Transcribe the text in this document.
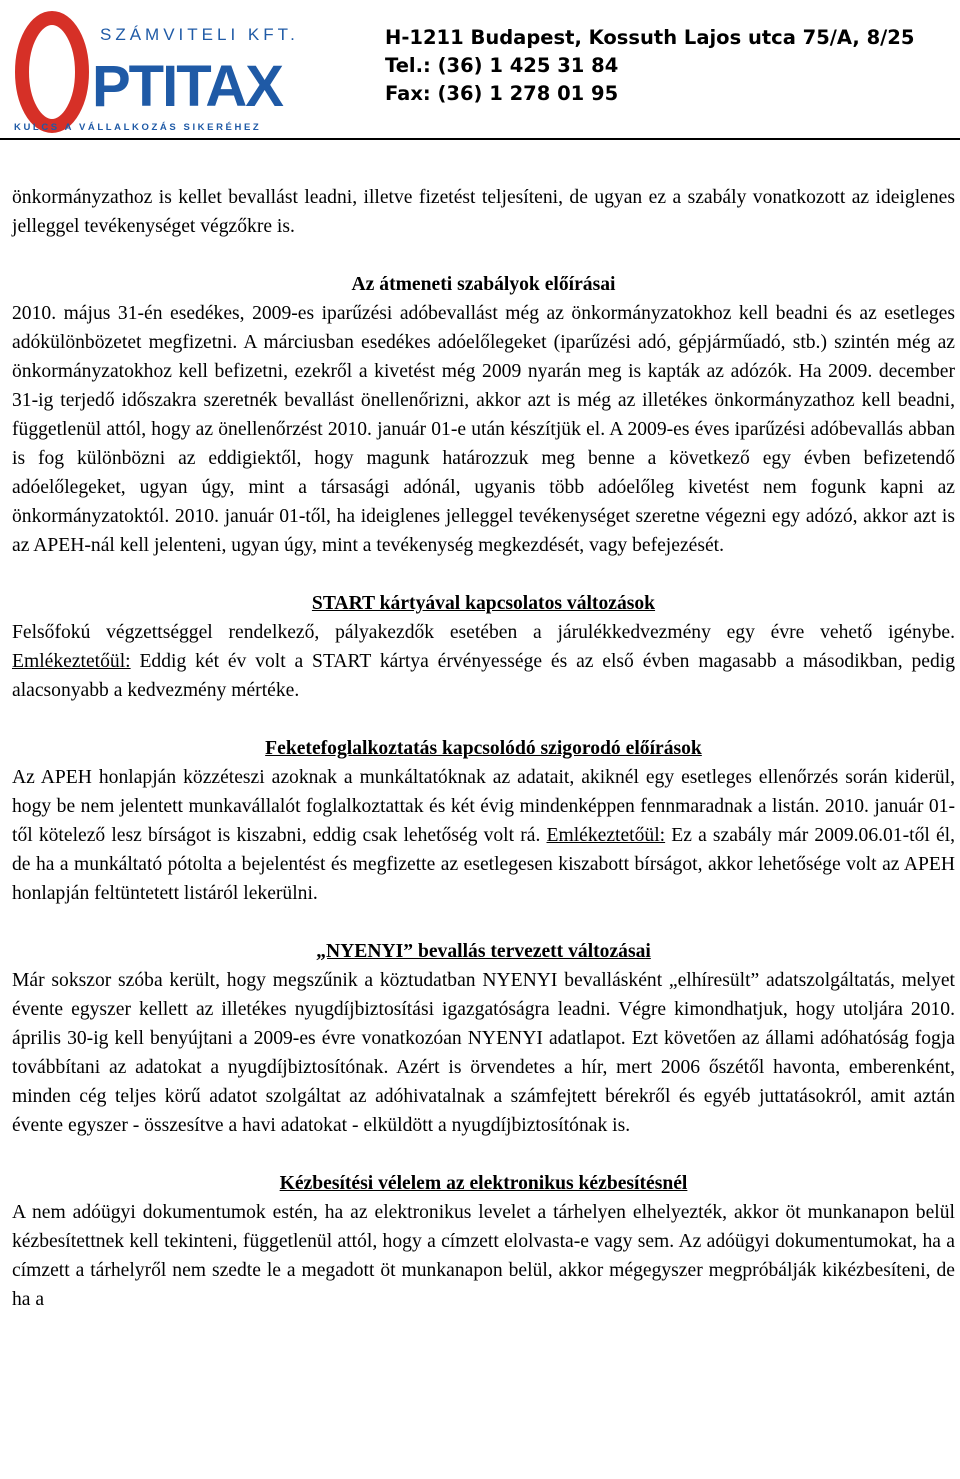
SZÁMVITELI KFT.
PTITAX
KULCS A VÁLLALKOZÁS SIKERÉHEZ
H-1211 Budapest, Kossuth Lajos utca 75/A, 8/25
Tel.: (36) 1 425 31 84
Fax: (36) 1 278 01 95

önkormányzathoz is kellet bevallást leadni, illetve fizetést teljesíteni, de ugyan ez a szabály vonatkozott az ideiglenes jelleggel tevékenységet végzőkre is.

Az átmeneti szabályok előírásai

2010. május 31-én esedékes, 2009-es iparűzési adóbevallást még az önkormányzatokhoz kell beadni és az esetleges adókülönbözetet megfizetni. A márciusban esedékes adóelőlegeket (iparűzési adó, gépjárműadó, stb.) szintén még az önkormányzatokhoz kell befizetni, ezekről a kivetést még 2009 nyarán meg is kapták az adózók. Ha 2009. december 31-ig terjedő időszakra szeretnék bevallást önellenőrizni, akkor azt is még az illetékes önkormányzathoz kell beadni, függetlenül attól, hogy az önellenőrzést 2010. január 01-e után készítjük el. A 2009-es éves iparűzési adóbevallás abban is fog különbözni az eddigiektől, hogy magunk határozzuk meg benne a következő egy évben befizetendő adóelőlegeket, ugyan úgy, mint a társasági adónál, ugyanis több adóelőleg kivetést nem fogunk kapni az önkormányzatoktól. 2010. január 01-től, ha ideiglenes jelleggel tevékenységet szeretne végezni egy adózó, akkor azt is az APEH-nál kell jelenteni, ugyan úgy, mint a tevékenység megkezdését, vagy befejezését.

START kártyával kapcsolatos változások

Felsőfokú végzettséggel rendelkező, pályakezdők esetében a járulékkedvezmény egy évre vehető igénybe. Emlékeztetőül: Eddig két év volt a START kártya érvényessége és az első évben magasabb a másodikban, pedig alacsonyabb a kedvezmény mértéke.

Feketefoglalkoztatás kapcsolódó szigorodó előírások

Az APEH honlapján közzéteszi azoknak a munkáltatóknak az adatait, akiknél egy esetleges ellenőrzés során kiderül, hogy be nem jelentett munkavállalót foglalkoztattak és két évig mindenképpen fennmaradnak a listán. 2010. január 01-től kötelező lesz bírságot is kiszabni, eddig csak lehetőség volt rá. Emlékeztetőül: Ez a szabály már 2009.06.01-től él, de ha a munkáltató pótolta a bejelentést és megfizette az esetlegesen kiszabott bírságot, akkor lehetősége volt az APEH honlapján feltüntetett listáról lekerülni.

„NYENYI” bevallás tervezett változásai

Már sokszor szóba került, hogy megszűnik a köztudatban NYENYI bevallásként „elhíresült” adatszolgáltatás, melyet évente egyszer kellett az illetékes nyugdíjbiztosítási igazgatóságra leadni. Végre kimondhatjuk, hogy utoljára 2010. április 30-ig kell benyújtani a 2009-es évre vonatkozóan NYENYI adatlapot. Ezt követően az állami adóhatóság fogja továbbítani az adatokat a nyugdíjbiztosítónak. Azért is örvendetes a hír, mert 2006 őszétől havonta, emberenként, minden cég teljes körű adatot szolgáltat az adóhivatalnak a számfejtett bérekről és egyéb juttatásokról, amit aztán évente egyszer - összesítve a havi adatokat - elküldött a nyugdíjbiztosítónak is.

Kézbesítési vélelem az elektronikus kézbesítésnél

A nem adóügyi dokumentumok estén, ha az elektronikus levelet a tárhelyen elhelyezték, akkor öt munkanapon belül kézbesítettnek kell tekinteni, függetlenül attól, hogy a címzett elolvasta-e vagy sem. Az adóügyi dokumentumokat, ha a címzett a tárhelyről nem szedte le a megadott öt munkanapon belül, akkor mégegyszer megpróbálják kikézbesíteni, de ha a
